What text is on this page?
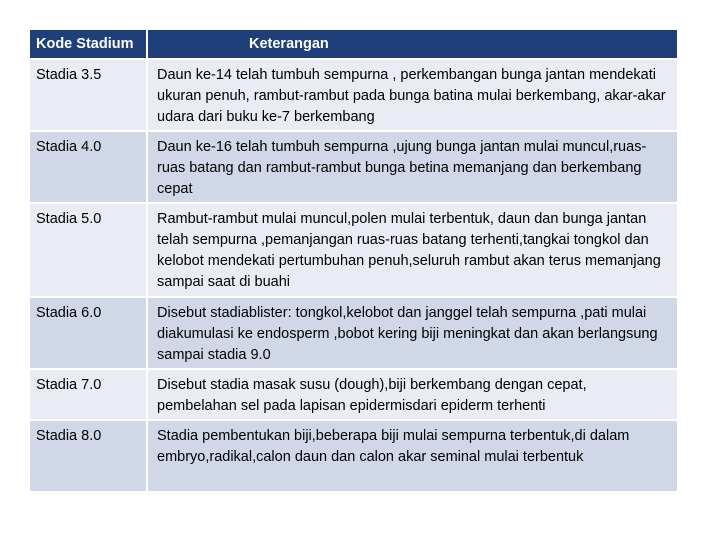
Kode Stadium	Keterangan
Stadia 3.5	Daun ke-14 telah tumbuh sempurna , perkembangan bunga jantan mendekati ukuran penuh, rambut-rambut pada bunga batina mulai berkembang, akar-akar udara dari buku ke-7 berkembang
Stadia 4.0	Daun ke-16 telah tumbuh sempurna ,ujung bunga jantan mulai muncul,ruas-ruas batang dan rambut-rambut bunga betina memanjang dan berkembang cepat
Stadia 5.0	Rambut-rambut mulai muncul,polen mulai terbentuk, daun dan bunga jantan telah sempurna ,pemanjangan ruas-ruas batang terhenti,tangkai tongkol dan kelobot mendekati pertumbuhan penuh,seluruh rambut akan terus memanjang sampai saat di buahi
Stadia 6.0	Disebut stadiablister: tongkol,kelobot dan janggel telah sempurna ,pati mulai diakumulasi ke endosperm ,bobot kering biji meningkat dan akan berlangsung sampai stadia 9.0
Stadia 7.0	Disebut stadia masak susu (dough),biji berkembang dengan cepat, pembelahan sel pada lapisan epidermisdari epiderm terhenti
Stadia 8.0	Stadia pembentukan biji,beberapa biji mulai sempurna terbentuk,di dalam embryo,radikal,calon daun dan calon akar seminal mulai terbentuk
